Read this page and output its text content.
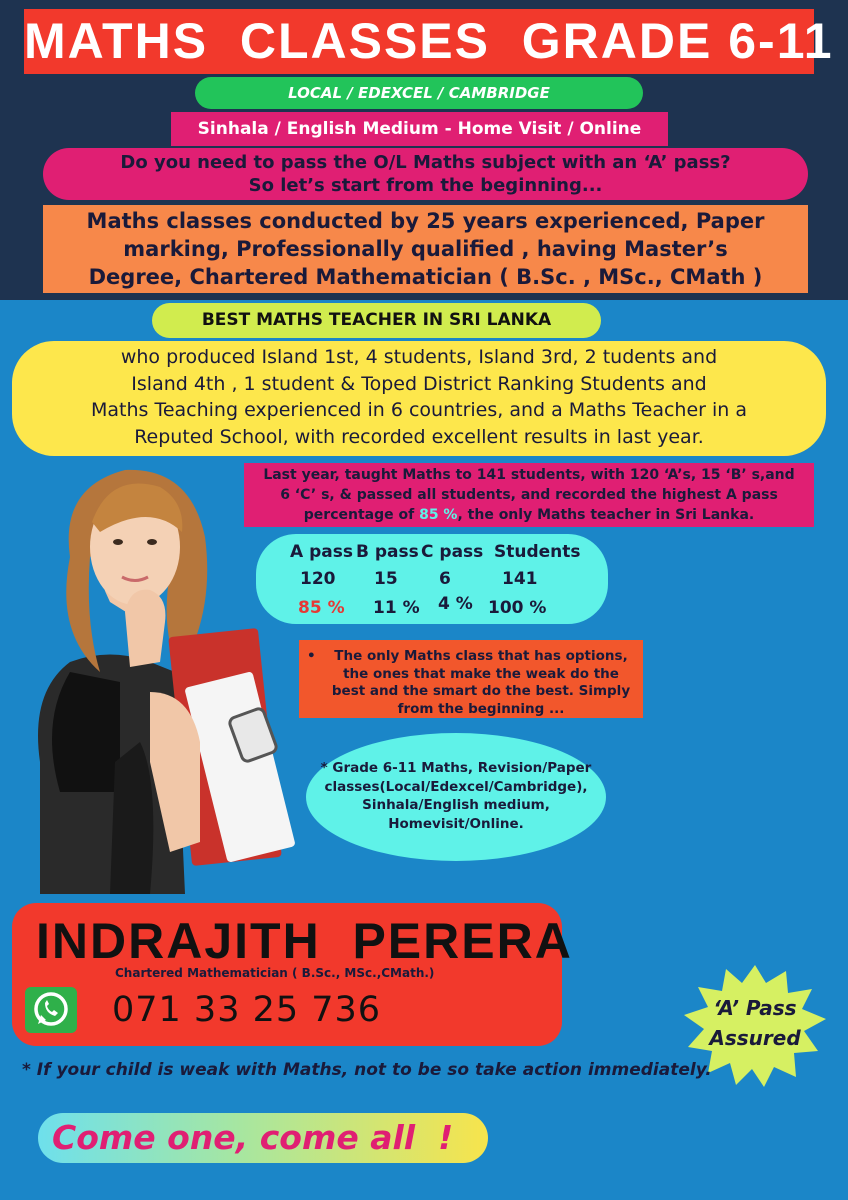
MATHS  CLASSES  GRADE 6-11
LOCAL / EDEXCEL / CAMBRIDGE
Sinhala / English Medium - Home Visit / Online
Do you need to pass the O/L Maths subject with an ‘A’ pass?
So let’s start from the beginning...
Maths classes conducted by 25 years experienced, Paper
marking, Professionally qualified , having Master’s
Degree, Chartered Mathematician ( B.Sc. , MSc., CMath )
BEST MATHS TEACHER IN SRI LANKA
who produced Island 1st, 4 students, Island 3rd, 2 tudents and
Island 4th , 1 student & Toped District Ranking Students and
Maths Teaching experienced in 6 countries, and a Maths Teacher in a
Reputed School, with recorded excellent results in last year.
Last year, taught Maths to 141 students, with 120 ‘A’s, 15 ‘B’ s,and
6 ‘C’ s, & passed all students, and recorded the highest A pass
percentage of 85 %, the only Maths teacher in Sri Lanka.
A pass B pass C pass Students
120 15 6	141
85 % 11 % 4 % 100 %
•	The only Maths class that has options,
the ones that make the weak do the
best and the smart do the best. Simply
from the beginning ...
* Grade 6-11 Maths, Revision/Paper
classes(Local/Edexcel/Cambridge),
Sinhala/English medium,
Homevisit/Online.
INDRAJITH  PERERA
Chartered Mathematician ( B.Sc., MSc.,CMath.)
071 33 25 736	‘A’ Pass
Assured
* If your child is weak with Maths, not to be so take action immediately.
Come one, come all  !
